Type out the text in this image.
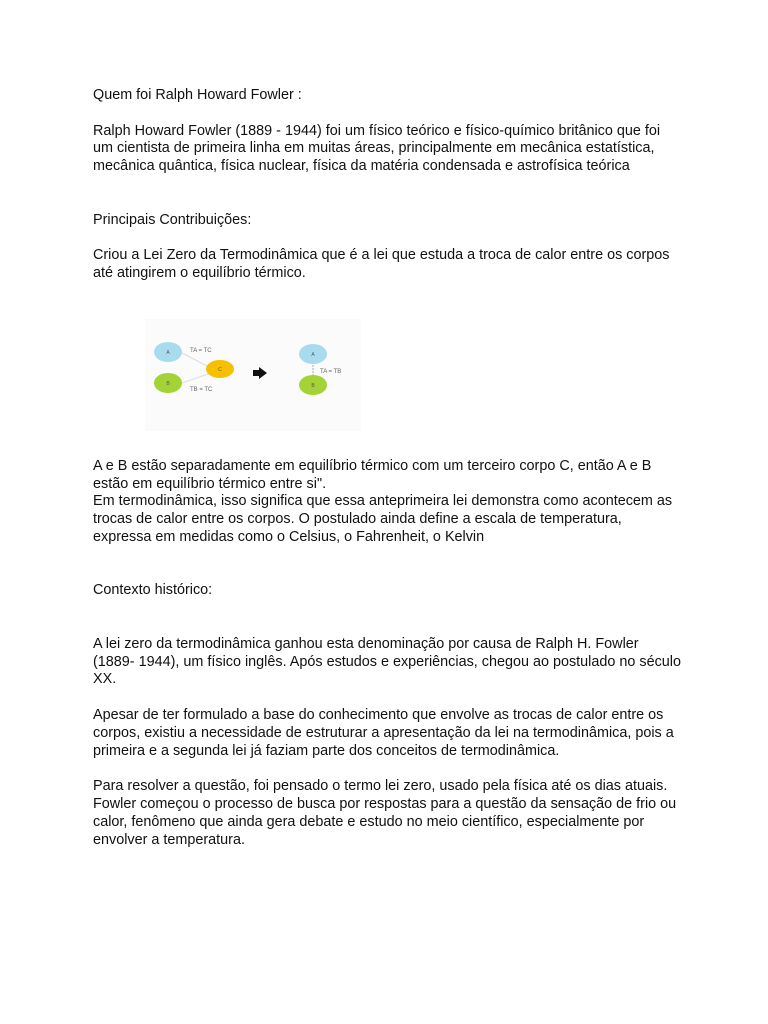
Quem foi Ralph Howard Fowler :

Ralph Howard Fowler (1889 - 1944) foi um físico teórico e físico-químico britânico que foi
um cientista de primeira linha em muitas áreas, principalmente em mecânica estatística,
mecânica quântica, física nuclear, física da matéria condensada e astrofísica teórica

Principais Contribuições:

Criou a Lei Zero da Termodinâmica que é a lei que estuda a troca de calor entre os corpos
até atingirem o equilíbrio térmico.

A
B
C
TA = TC
TB = TC
A
B
TA = TB

A e B estão separadamente em equilíbrio térmico com um terceiro corpo C, então A e B
estão em equilíbrio térmico entre si".
Em termodinâmica, isso significa que essa anteprimeira lei demonstra como acontecem as
trocas de calor entre os corpos. O postulado ainda define a escala de temperatura,
expressa em medidas como o Celsius, o Fahrenheit, o Kelvin

Contexto histórico:

A lei zero da termodinâmica ganhou esta denominação por causa de Ralph H. Fowler
(1889- 1944), um físico inglês. Após estudos e experiências, chegou ao postulado no século
XX.

Apesar de ter formulado a base do conhecimento que envolve as trocas de calor entre os
corpos, existiu a necessidade de estruturar a apresentação da lei na termodinâmica, pois a
primeira e a segunda lei já faziam parte dos conceitos de termodinâmica.

Para resolver a questão, foi pensado o termo lei zero, usado pela física até os dias atuais.
Fowler começou o processo de busca por respostas para a questão da sensação de frio ou
calor, fenômeno que ainda gera debate e estudo no meio científico, especialmente por
envolver a temperatura.
